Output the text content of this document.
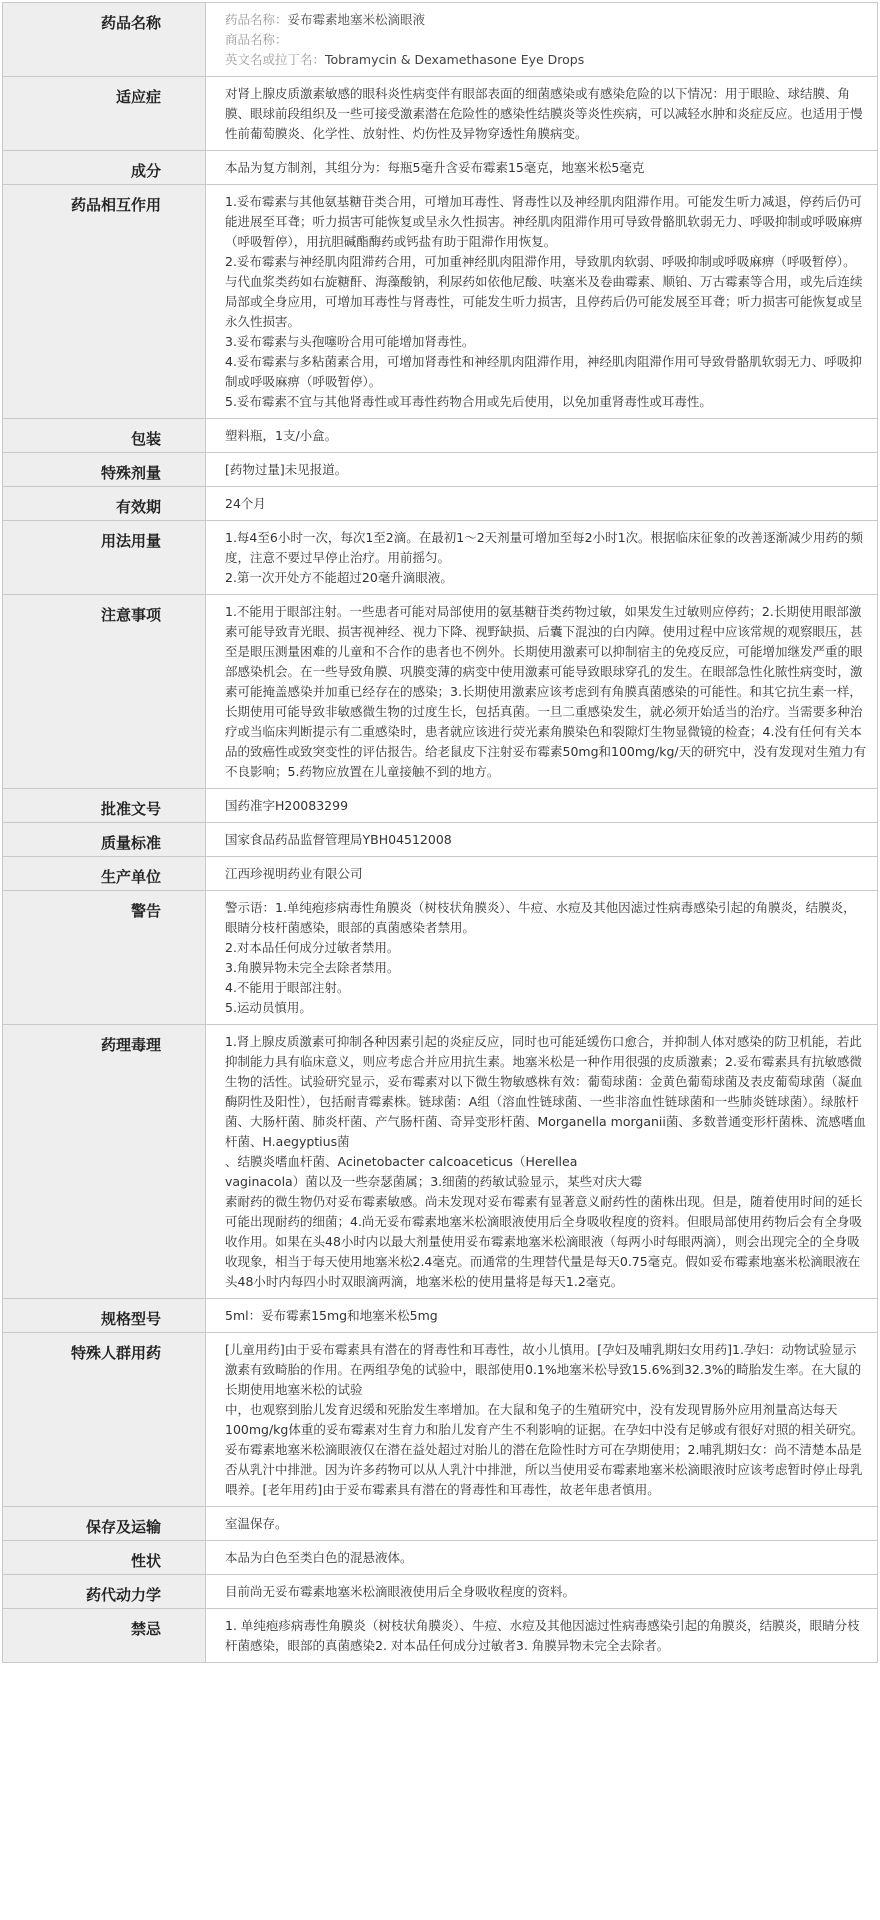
药品名称	药品名称：妥布霉素地塞米松滴眼液
商品名称：
英文名或拉丁名：Tobramycin & Dexamethasone Eye Drops
适应症	对肾上腺皮质激素敏感的眼科炎性病变伴有眼部表面的细菌感染或有感染危险的以下情况：用于眼睑、球结膜、角膜、眼球前段组织及一些可接受激素潜在危险性的感染性结膜炎等炎性疾病，可以减轻水肿和炎症反应。也适用于慢性前葡萄膜炎、化学性、放射性、灼伤性及异物穿透性角膜病变。
成分	本品为复方制剂，其组分为：每瓶5毫升含妥布霉素15毫克，地塞米松5毫克
药品相互作用	1.妥布霉素与其他氨基糖苷类合用，可增加耳毒性、肾毒性以及神经肌肉阻滞作用。可能发生听力减退，停药后仍可能进展至耳聋；听力损害可能恢复或呈永久性损害。神经肌肉阻滞作用可导致骨骼肌软弱无力、呼吸抑制或呼吸麻痹（呼吸暂停），用抗胆碱酯酶药或钙盐有助于阻滞作用恢复。
2.妥布霉素与神经肌肉阻滞药合用，可加重神经肌肉阻滞作用，导致肌肉软弱、呼吸抑制或呼吸麻痹（呼吸暂停）。与代血浆类药如右旋糖酐、海藻酸钠，利尿药如依他尼酸、呋塞米及卷曲霉素、顺铂、万古霉素等合用，或先后连续局部或全身应用，可增加耳毒性与肾毒性，可能发生听力损害，且停药后仍可能发展至耳聋；听力损害可能恢复或呈永久性损害。
3.妥布霉素与头孢噻吩合用可能增加肾毒性。
4.妥布霉素与多粘菌素合用，可增加肾毒性和神经肌肉阻滞作用，神经肌肉阻滞作用可导致骨骼肌软弱无力、呼吸抑制或呼吸麻痹（呼吸暂停）。
5.妥布霉素不宜与其他肾毒性或耳毒性药物合用或先后使用，以免加重肾毒性或耳毒性。
包装	塑料瓶，1支/小盒。
特殊剂量	[药物过量]未见报道。
有效期	24个月
用法用量	1.每4至6小时一次，每次1至2滴。在最初1～2天剂量可增加至每2小时1次。根据临床征象的改善逐渐减少用药的频度，注意不要过早停止治疗。用前摇匀。
2.第一次开处方不能超过20毫升滴眼液。
注意事项	1.不能用于眼部注射。一些患者可能对局部使用的氨基糖苷类药物过敏，如果发生过敏则应停药；2.长期使用眼部激素可能导致青光眼、损害视神经、视力下降、视野缺损、后囊下混浊的白内障。使用过程中应该常规的观察眼压，甚至是眼压测量困难的儿童和不合作的患者也不例外。长期使用激素可以抑制宿主的免疫反应，可能增加继发严重的眼部感染机会。在一些导致角膜、巩膜变薄的病变中使用激素可能导致眼球穿孔的发生。在眼部急性化脓性病变时，激素可能掩盖感染并加重已经存在的感染；3.长期使用激素应该考虑到有角膜真菌感染的可能性。和其它抗生素一样，长期使用可能导致非敏感微生物的过度生长，包括真菌。一旦二重感染发生，就必须开始适当的治疗。当需要多种治疗或当临床判断提示有二重感染时，患者就应该进行荧光素角膜染色和裂隙灯生物显微镜的检查；4.没有任何有关本品的致癌性或致突变性的评估报告。给老鼠皮下注射妥布霉素50mg和100mg/kg/天的研究中，没有发现对生殖力有不良影响；5.药物应放置在儿童接触不到的地方。
批准文号	国药准字H20083299
质量标准	国家食品药品监督管理局YBH04512008
生产单位	江西珍视明药业有限公司
警告	警示语：1.单纯疱疹病毒性角膜炎（树枝状角膜炎）、牛痘、水痘及其他因滤过性病毒感染引起的角膜炎，结膜炎，眼睛分枝杆菌感染，眼部的真菌感染者禁用。
2.对本品任何成分过敏者禁用。
3.角膜异物未完全去除者禁用。
4.不能用于眼部注射。
5.运动员慎用。
药理毒理	1.肾上腺皮质激素可抑制各种因素引起的炎症反应，同时也可能延缓伤口愈合，并抑制人体对感染的防卫机能，若此抑制能力具有临床意义，则应考虑合并应用抗生素。地塞米松是一种作用很强的皮质激素；2.妥布霉素具有抗敏感微生物的活性。试验研究显示，妥布霉素对以下微生物敏感株有效：葡萄球菌：金黄色葡萄球菌及表皮葡萄球菌（凝血酶阴性及阳性），包括耐青霉素株。链球菌：A组（溶血性链球菌、一些非溶血性链球菌和一些肺炎链球菌）。绿脓杆菌、大肠杆菌、肺炎杆菌、产气肠杆菌、奇异变形杆菌、Morganella morganii菌、多数普通变形杆菌株、流感嗜血杆菌、H.aegyptius菌
、结膜炎嗜血杆菌、Acinetobacter calcoaceticus（Herellea
vaginacola）菌以及一些奈瑟菌属；3.细菌的药敏试验显示，某些对庆大霉
素耐药的微生物仍对妥布霉素敏感。尚未发现对妥布霉素有显著意义耐药性的菌株出现。但是，随着使用时间的延长可能出现耐药的细菌；4.尚无妥布霉素地塞米松滴眼液使用后全身吸收程度的资料。但眼局部使用药物后会有全身吸收作用。如果在头48小时内以最大剂量使用妥布霉素地塞米松滴眼液（每两小时每眼两滴），则会出现完全的全身吸收现象，相当于每天使用地塞米松2.4毫克。而通常的生理替代量是每天0.75毫克。假如妥布霉素地塞米松滴眼液在头48小时内每四小时双眼滴两滴，地塞米松的使用量将是每天1.2毫克。
规格型号	5ml：妥布霉素15mg和地塞米松5mg
特殊人群用药	[儿童用药]由于妥布霉素具有潜在的肾毒性和耳毒性，故小儿慎用。[孕妇及哺乳期妇女用药]1.孕妇：动物试验显示激素有致畸胎的作用。在两组孕兔的试验中，眼部使用0.1%地塞米松导致15.6%到32.3%的畸胎发生率。在大鼠的长期使用地塞米松的试验
中，也观察到胎儿发育迟缓和死胎发生率增加。在大鼠和兔子的生殖研究中，没有发现胃肠外应用剂量高达每天100mg/kg体重的妥布霉素对生育力和胎儿发育产生不利影响的证据。在孕妇中没有足够或有很好对照的相关研究。妥布霉素地塞米松滴眼液仅在潜在益处超过对胎儿的潜在危险性时方可在孕期使用；2.哺乳期妇女：尚不清楚本品是否从乳汁中排泄。因为许多药物可以从人乳汁中排泄，所以当使用妥布霉素地塞米松滴眼液时应该考虑暂时停止母乳喂养。[老年用药]由于妥布霉素具有潜在的肾毒性和耳毒性，故老年患者慎用。
保存及运输	室温保存。
性状	本品为白色至类白色的混悬液体。
药代动力学	目前尚无妥布霉素地塞米松滴眼液使用后全身吸收程度的资料。
禁忌	1. 单纯疱疹病毒性角膜炎（树枝状角膜炎）、牛痘、水痘及其他因滤过性病毒感染引起的角膜炎，结膜炎，眼睛分枝杆菌感染，眼部的真菌感染2. 对本品任何成分过敏者3. 角膜异物未完全去除者。
